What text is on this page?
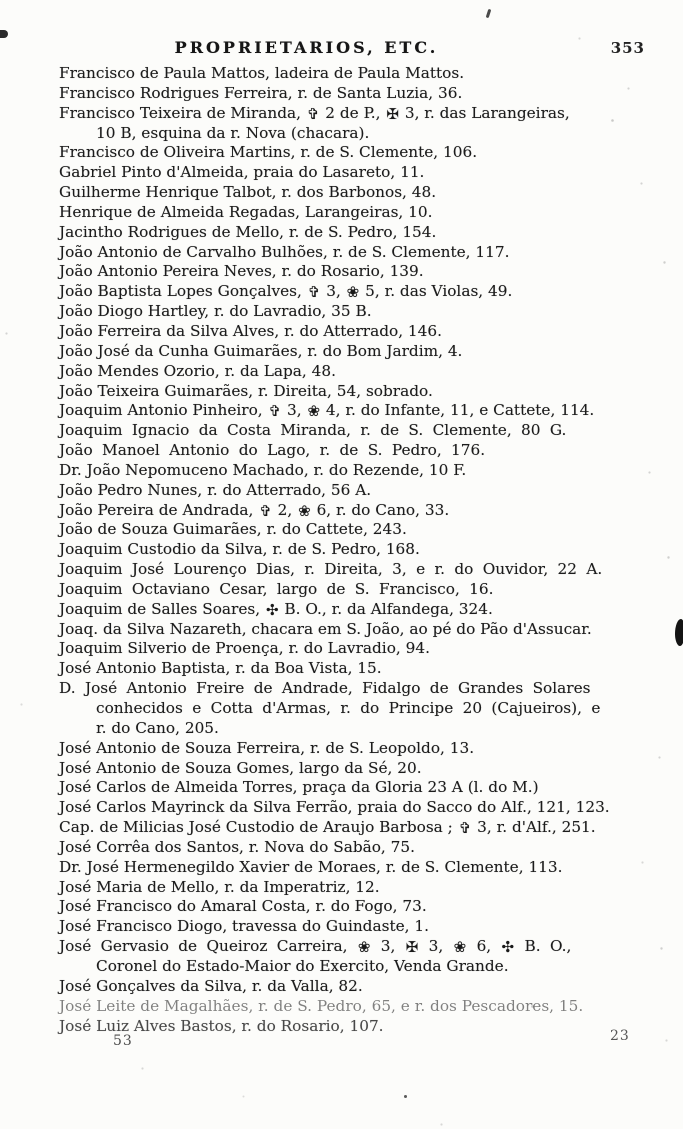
PROPRIETARIOS, ETC.	353
Francisco de Paula Mattos, ladeira de Paula Mattos.
Francisco Rodrigues Ferreira, r. de Santa Luzia, 36.
Francisco Teixeira de Miranda, ✞ 2 de P., ✠ 3, r. das Larangeiras,
10 B, esquina da r. Nova (chacara).
Francisco de Oliveira Martins, r. de S. Clemente, 106.
Gabriel Pinto d'Almeida, praia do Lasareto, 11.
Guilherme Henrique Talbot, r. dos Barbonos, 48.
Henrique de Almeida Regadas, Larangeiras, 10.
Jacintho Rodrigues de Mello, r. de S. Pedro, 154.
João Antonio de Carvalho Bulhões, r. de S. Clemente, 117.
João Antonio Pereira Neves, r. do Rosario, 139.
João Baptista Lopes Gonçalves, ✞ 3, ❀ 5, r. das Violas, 49.
João Diogo Hartley, r. do Lavradio, 35 B.
João Ferreira da Silva Alves, r. do Atterrado, 146.
João José da Cunha Guimarães, r. do Bom Jardim, 4.
João Mendes Ozorio, r. da Lapa, 48.
João Teixeira Guimarães, r. Direita, 54, sobrado.
Joaquim Antonio Pinheiro, ✞ 3, ❀ 4, r. do Infante, 11, e Cattete, 114.
Joaquim Ignacio da Costa Miranda, r. de S. Clemente, 80 G.
João Manoel Antonio do Lago, r. de S. Pedro, 176.
Dr. João Nepomuceno Machado, r. do Rezende, 10 F.
João Pedro Nunes, r. do Atterrado, 56 A.
João Pereira de Andrada, ✞ 2, ❀ 6, r. do Cano, 33.
João de Souza Guimarães, r. do Cattete, 243.
Joaquim Custodio da Silva, r. de S. Pedro, 168.
Joaquim José Lourenço Dias, r. Direita, 3, e r. do Ouvidor, 22 A.
Joaquim Octaviano Cesar, largo de S. Francisco, 16.
Joaquim de Salles Soares, ✣ B. O., r. da Alfandega, 324.
Joaq. da Silva Nazareth, chacara em S. João, ao pé do Pão d'Assucar.
Joaquim Silverio de Proença, r. do Lavradio, 94.
José Antonio Baptista, r. da Boa Vista, 15.
D. José Antonio Freire de Andrade, Fidalgo de Grandes Solares
conhecidos e Cotta d'Armas, r. do Principe 20 (Cajueiros), e
r. do Cano, 205.
José Antonio de Souza Ferreira, r. de S. Leopoldo, 13.
José Antonio de Souza Gomes, largo da Sé, 20.
José Carlos de Almeida Torres, praça da Gloria 23 A (l. do M.)
José Carlos Mayrinck da Silva Ferrão, praia do Sacco do Alf., 121, 123.
Cap. de Milicias José Custodio de Araujo Barbosa ; ✞ 3, r. d'Alf., 251.
José Corrêa dos Santos, r. Nova do Sabão, 75.
Dr. José Hermenegildo Xavier de Moraes, r. de S. Clemente, 113.
José Maria de Mello, r. da Imperatriz, 12.
José Francisco do Amaral Costa, r. do Fogo, 73.
José Francisco Diogo, travessa do Guindaste, 1.
José Gervasio de Queiroz Carreira, ❀ 3, ✠ 3, ❀ 6, ✣ B. O.,
Coronel do Estado-Maior do Exercito, Venda Grande.
José Gonçalves da Silva, r. da Valla, 82.
José Leite de Magalhães, r. de S. Pedro, 65, e r. dos Pescadores, 15.
José Luiz Alves Bastos, r. do Rosario, 107.
53	23
